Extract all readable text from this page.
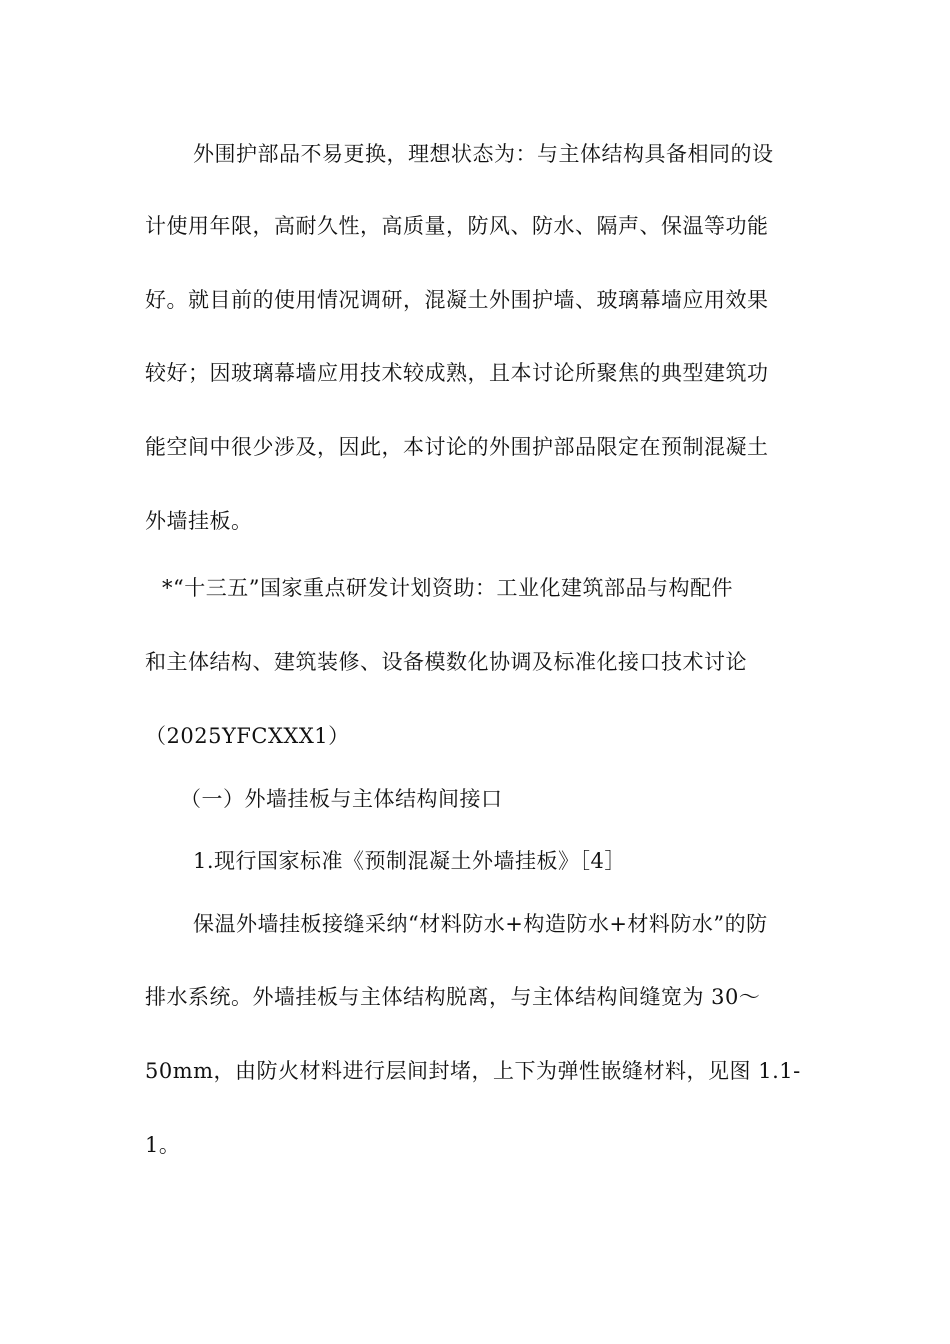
外围护部品不易更换，理想状态为：与主体结构具备相同的设
计使用年限，高耐久性，高质量，防风、防水、隔声、保温等功能
好。就目前的使用情况调研，混凝土外围护墙、玻璃幕墙应用效果
较好；因玻璃幕墙应用技术较成熟，且本讨论所聚焦的典型建筑功
能空间中很少涉及，因此，本讨论的外围护部品限定在预制混凝土
外墙挂板。
*“十三五”国家重点研发计划资助：工业化建筑部品与构配件
和主体结构、建筑装修、设备模数化协调及标准化接口技术讨论
（2025YFCXXX1）
（一）外墙挂板与主体结构间接口
1.现行国家标准《预制混凝土外墙挂板》［4］
保温外墙挂板接缝采纳“材料防水+构造防水+材料防水”的防
排水系统。外墙挂板与主体结构脱离，与主体结构间缝宽为 30～
50mm，由防火材料进行层间封堵，上下为弹性嵌缝材料，见图 1.1-
1。
